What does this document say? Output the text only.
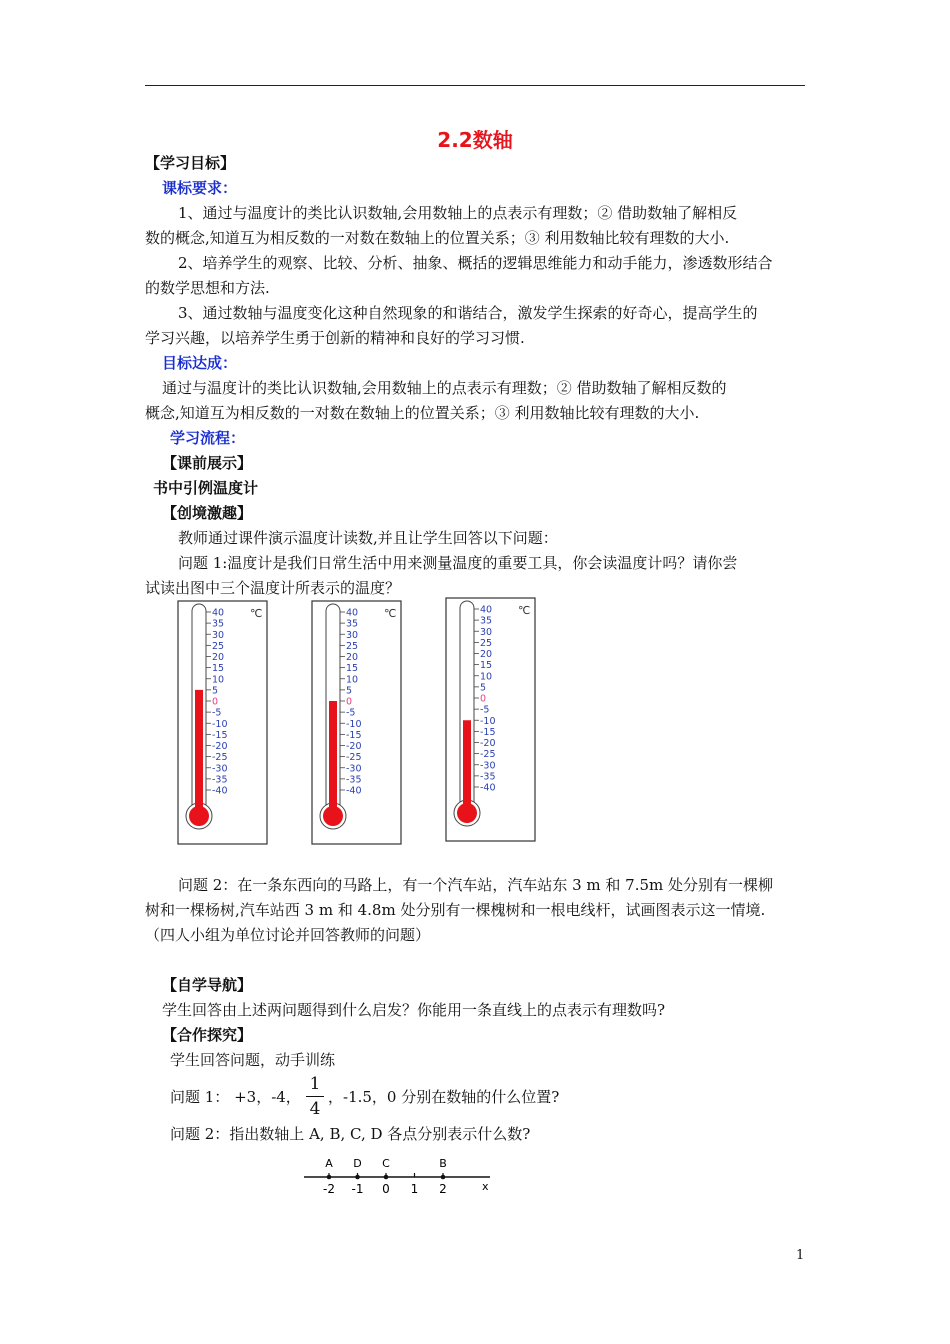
2.2数轴
【学习目标】
课标要求：
1、通过与温度计的类比认识数轴,会用数轴上的点表示有理数；② 借助数轴了解相反
数的概念,知道互为相反数的一对数在数轴上的位置关系；③ 利用数轴比较有理数的大小.
2、培养学生的观察、比较、分析、抽象、概括的逻辑思维能力和动手能力，渗透数形结合
的数学思想和方法.
3、通过数轴与温度变化这种自然现象的和谐结合，激发学生探索的好奇心，提高学生的
学习兴趣，以培养学生勇于创新的精神和良好的学习习惯.
目标达成：
通过与温度计的类比认识数轴,会用数轴上的点表示有理数；② 借助数轴了解相反数的
概念,知道互为相反数的一对数在数轴上的位置关系；③ 利用数轴比较有理数的大小.
学习流程：
【课前展示】
书中引例温度计
【创境激趣】
教师通过课件演示温度计读数,并且让学生回答以下问题：
问题 1:温度计是我们日常生活中用来测量温度的重要工具，你会读温度计吗？请你尝
试读出图中三个温度计所表示的温度？
40
35
30
25
20
15
10
5
0
-5
-10
-15
-20
-25
-30
-35
-40
℃	40
35
30
25
20
15
10
5
0
-5
-10
-15
-20
-25
-30
-35
-40
℃	40
35
30
25
20
15
10
5
0
-5
-10
-15
-20
-25
-30
-35
-40
℃
问题 2：在一条东西向的马路上，有一个汽车站，汽车站东 3 m 和 7.5m 处分别有一棵柳
树和一棵杨树,汽车站西 3 m 和 4.8m 处分别有一棵槐树和一根电线杆，试画图表示这一情境.
（四人小组为单位讨论并回答教师的问题）
【自学导航】
学生回答由上述两问题得到什么启发？你能用一条直线上的点表示有理数吗?
【合作探究】
学生回答问题，动手训练
问题 1： +3，-4，
1
4
，-1.5，0 分别在数轴的什么位置?
问题 2：指出数轴上 A, B, C, D 各点分别表示什么数?
x
-2 -1 0 1 2
A D C	B
1
